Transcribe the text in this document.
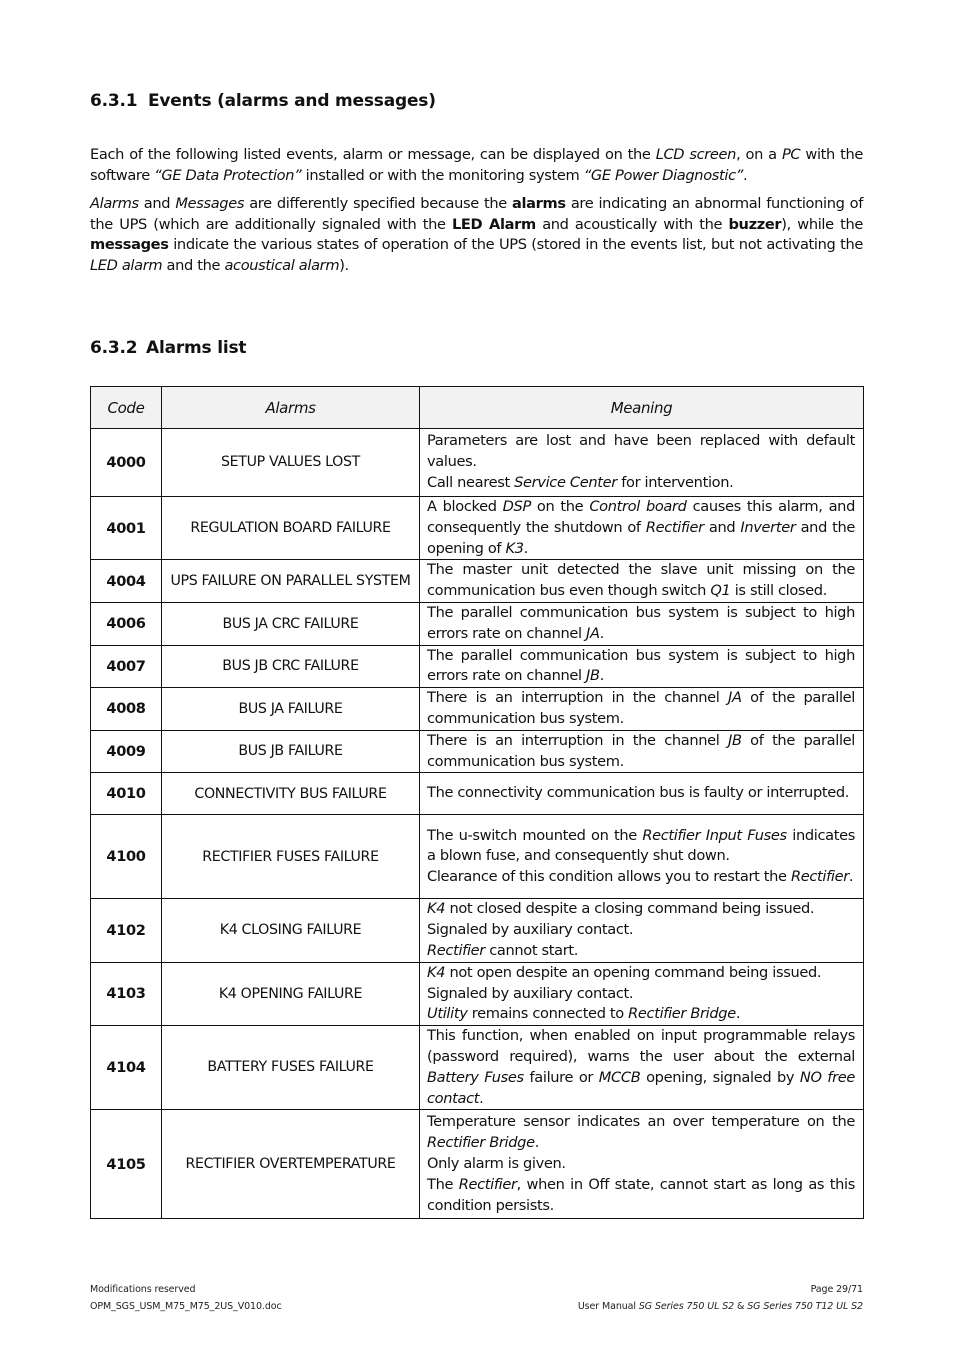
6.3.1 Events (alarms and messages)
Each of the following listed events, alarm or message, can be displayed on the LCD screen, on a PC with the software “GE Data Protection” installed or with the monitoring system “GE Power Diagnostic”.
Alarms and Messages are differently specified because the alarms are indicating an abnormal functioning of the UPS (which are additionally signaled with the LED Alarm and acoustically with the buzzer), while the messages indicate the various states of operation of the UPS (stored in the events list, but not activating the LED alarm and the acoustical alarm).
6.3.2 Alarms list
Code	Alarms	Meaning
4000	SETUP VALUES LOST	Parameters are lost and have been replaced with default values.
Call nearest Service Center for intervention.
4001	REGULATION BOARD FAILURE	A blocked DSP on the Control board causes this alarm, and consequently the shutdown of Rectifier and Inverter and the opening of K3.
4004	UPS FAILURE ON PARALLEL SYSTEM	The master unit detected the slave unit missing on the communication bus even though switch Q1 is still closed.
4006	BUS JA CRC FAILURE	The parallel communication bus system is subject to high errors rate on channel JA.
4007	BUS JB CRC FAILURE	The parallel communication bus system is subject to high errors rate on channel JB.
4008	BUS JA FAILURE	There is an interruption in the channel JA of the parallel communication bus system.
4009	BUS JB FAILURE	There is an interruption in the channel JB of the parallel communication bus system.
4010	CONNECTIVITY BUS FAILURE	The connectivity communication bus is faulty or interrupted.
4100	RECTIFIER FUSES FAILURE	The u-switch mounted on the Rectifier Input Fuses indicates a blown fuse, and consequently shut down.
Clearance of this condition allows you to restart the Rectifier.
4102	K4 CLOSING FAILURE	K4 not closed despite a closing command being issued.
Signaled by auxiliary contact.
Rectifier cannot start.
4103	K4 OPENING FAILURE	K4 not open despite an opening command being issued.
Signaled by auxiliary contact.
Utility remains connected to Rectifier Bridge.
4104	BATTERY FUSES FAILURE	This function, when enabled on input programmable relays (password required), warns the user about the external Battery Fuses failure or MCCB opening, signaled by NO free contact.
4105	RECTIFIER OVERTEMPERATURE	Temperature sensor indicates an over temperature on the Rectifier Bridge.
Only alarm is given.
The Rectifier, when in Off state, cannot start as long as this condition persists.
Modifications reserved
OPM_SGS_USM_M75_M75_2US_V010.doc
Page 29/71
User Manual SG Series 750 UL S2 & SG Series 750 T12 UL S2
